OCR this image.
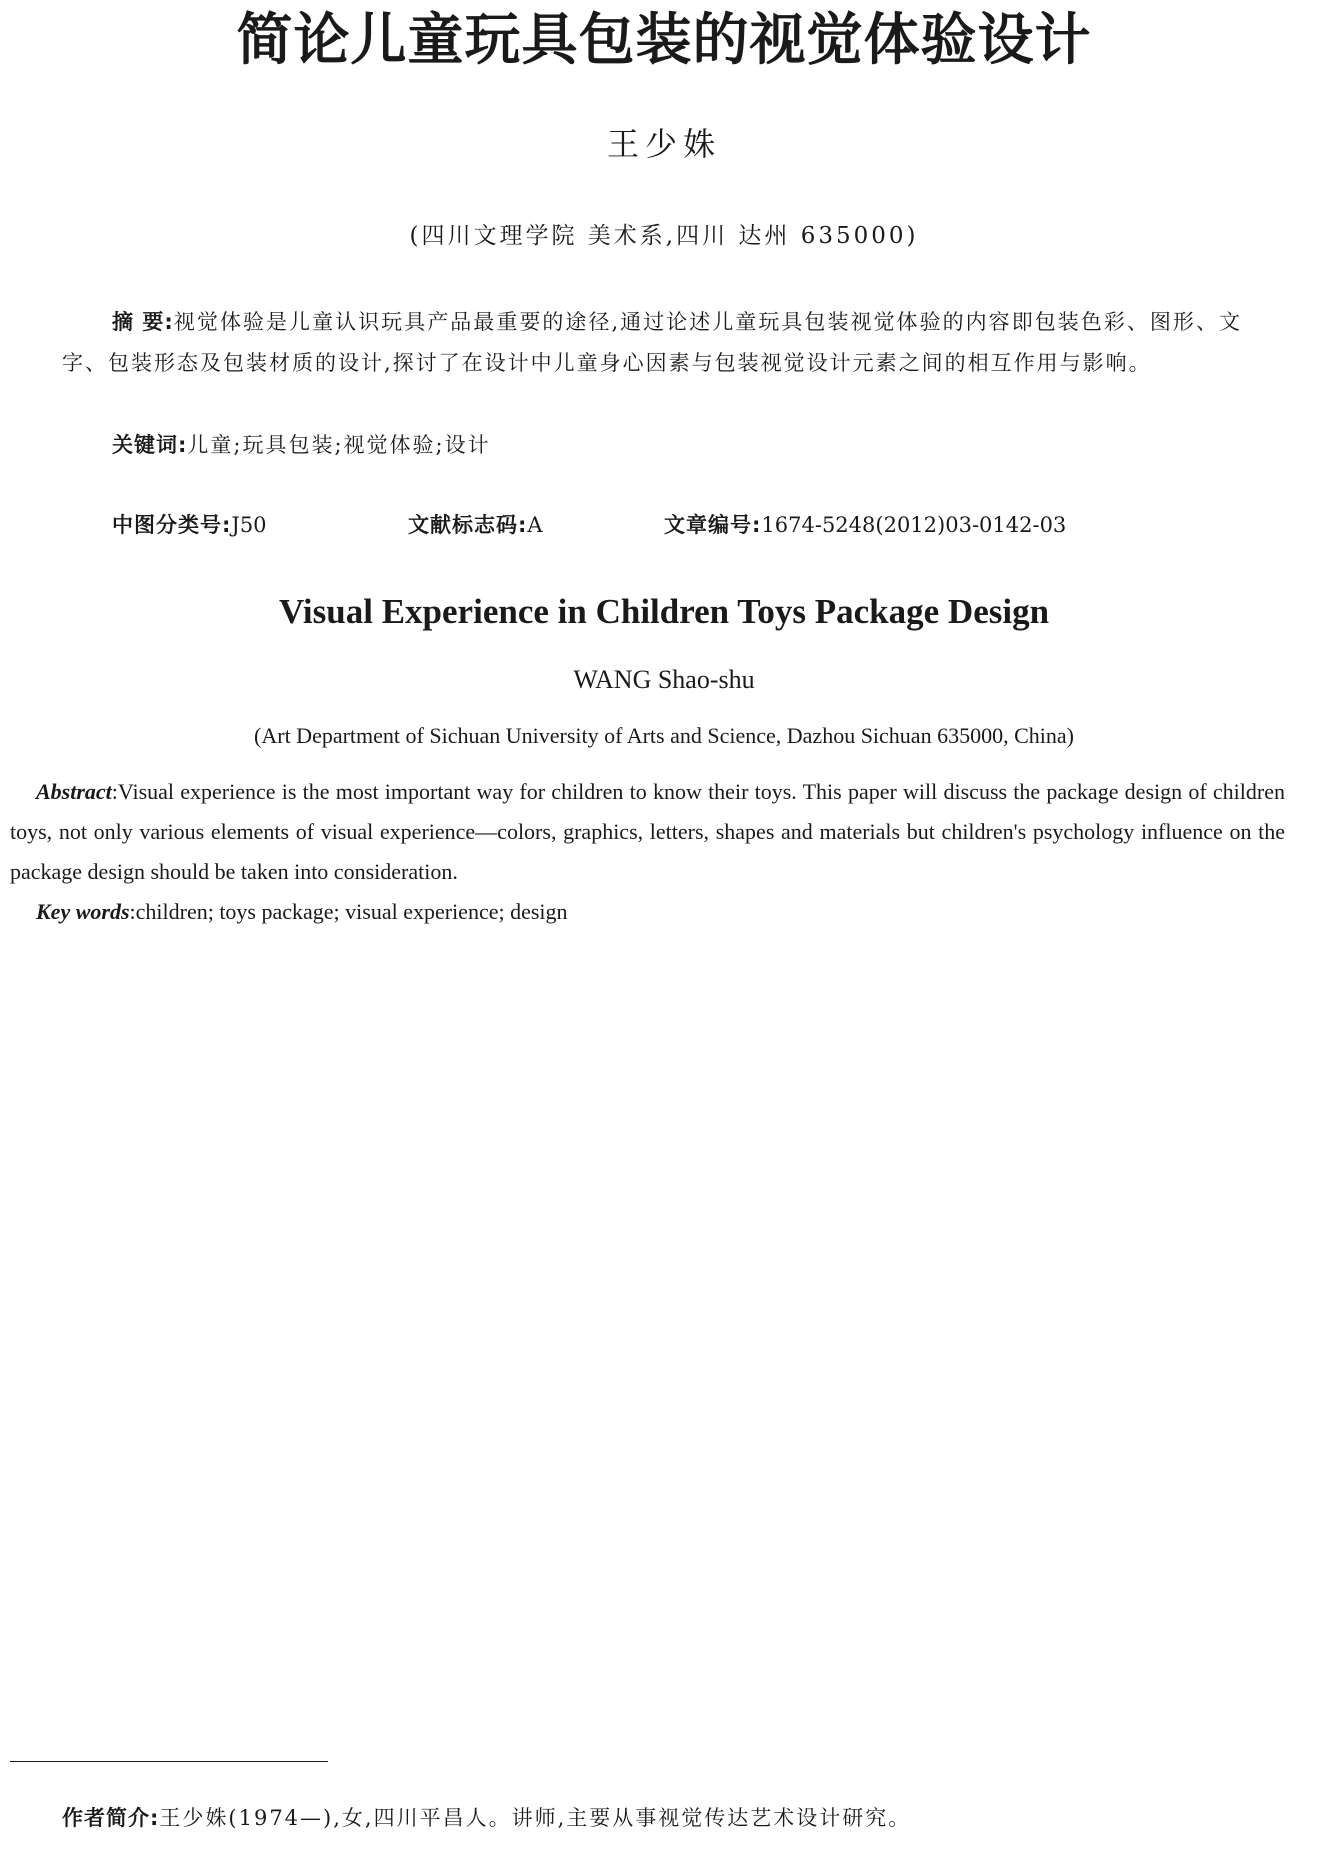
简论儿童玩具包装的视觉体验设计
王少姝
(四川文理学院 美术系,四川 达州 635000)
摘 要:视觉体验是儿童认识玩具产品最重要的途径,通过论述儿童玩具包装视觉体验的内容即包装色彩、图形、文字、包装形态及包装材质的设计,探讨了在设计中儿童身心因素与包装视觉设计元素之间的相互作用与影响。
关键词:儿童;玩具包装;视觉体验;设计
中图分类号:J50	文献标志码:A	文章编号:1674-5248(2012)03-0142-03
Visual Experience in Children Toys Package Design
WANG Shao-shu
(Art Department of Sichuan University of Arts and Science, Dazhou Sichuan 635000, China)
Abstract:Visual experience is the most important way for children to know their toys. This paper will discuss the package design of children toys, not only various elements of visual experience—colors, graphics, letters, shapes and materials but children's psychology influence on the package design should be taken into consideration.
Key words:children; toys package; visual experience; design
作者简介:王少姝(1974—),女,四川平昌人。讲师,主要从事视觉传达艺术设计研究。
